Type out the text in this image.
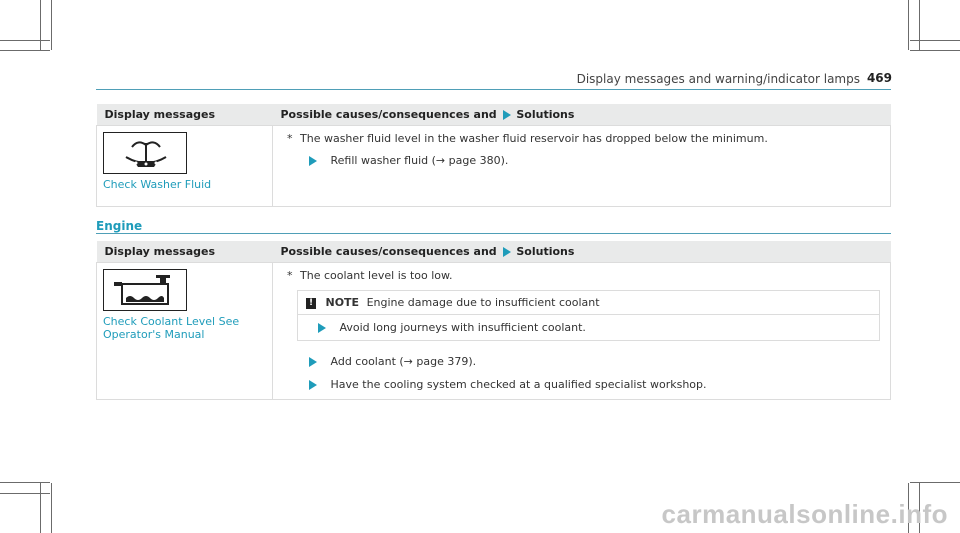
Display messages and warning/indicator lamps 469
Display messages	Possible causes/consequences and Solutions

Check Washer Fluid	* The washer fluid level in the washer fluid reservoir has dropped below the minimum.
Refill washer fluid (→ page 380).
Engine
Display messages	Possible causes/consequences and Solutions

Check Coolant Level See Operator's Manual	* The coolant level is too low.
! NOTE Engine damage due to insufficient coolant
Avoid long journeys with insufficient coolant.
Add coolant (→ page 379).
Have the cooling system checked at a qualified specialist workshop.
carmanualsonline.info
